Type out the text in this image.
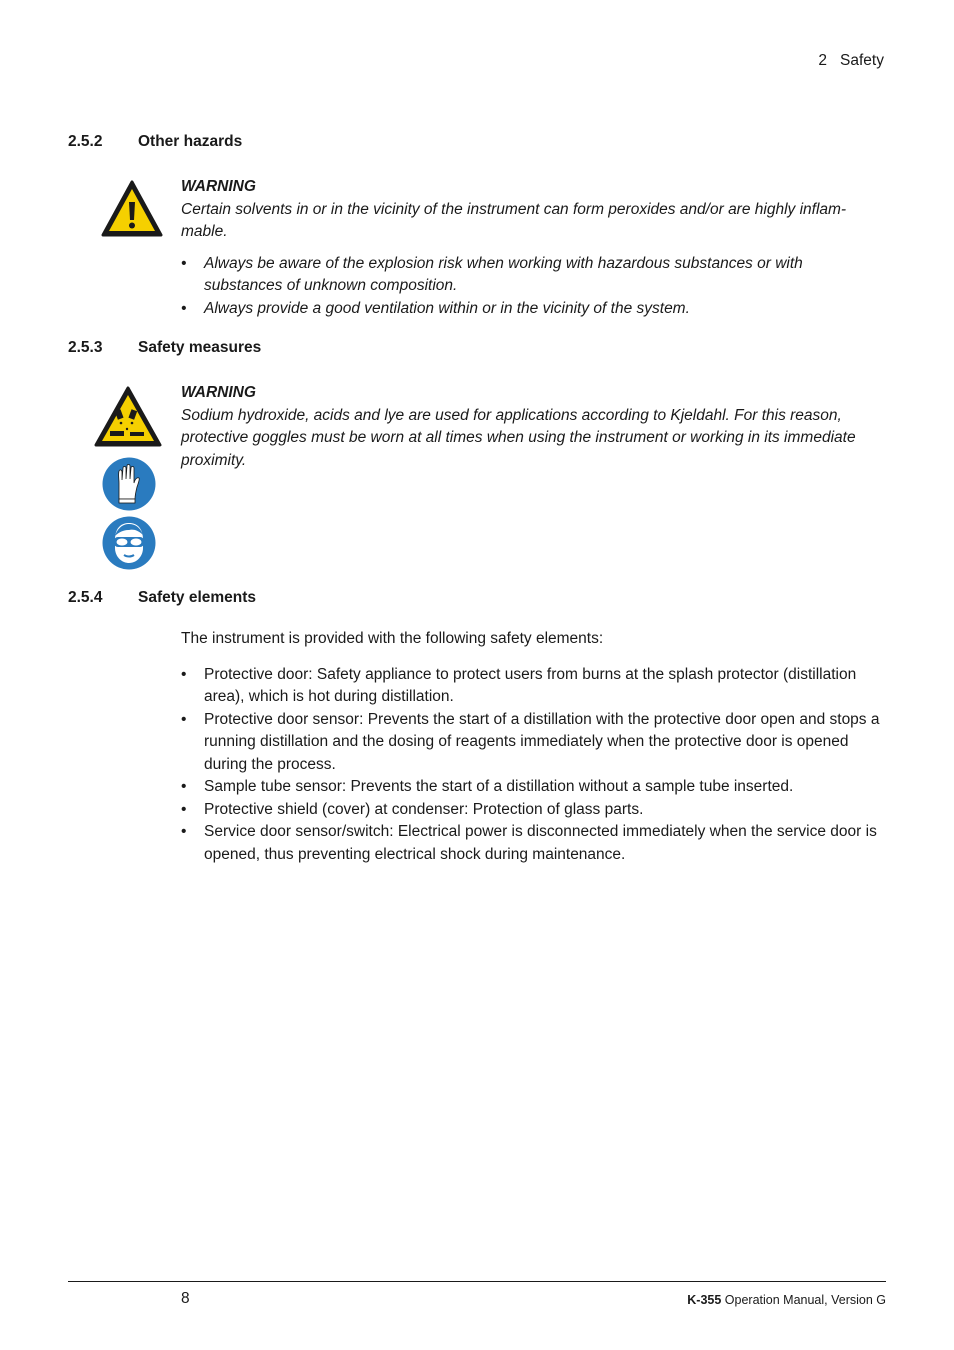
2 Safety
2.5.2 Other hazards
WARNING
Certain solvents in or in the vicinity of the instrument can form peroxides and/or are highly inflam-mable.
• Always be aware of the explosion risk when working with hazardous substances or with substances of unknown composition.
• Always provide a good ventilation within or in the vicinity of the system.
2.5.3 Safety measures
WARNING
Sodium hydroxide, acids and lye are used for applications according to Kjeldahl. For this reason, protective goggles must be worn at all times when using the instrument or working in its immediate proximity.
2.5.4 Safety elements
The instrument is provided with the following safety elements:
• Protective door: Safety appliance to protect users from burns at the splash protector (distillation area), which is hot during distillation.
• Protective door sensor: Prevents the start of a distillation with the protective door open and stops a running distillation and the dosing of reagents immediately when the protective door is opened during the process.
• Sample tube sensor: Prevents the start of a distillation without a sample tube inserted.
• Protective shield (cover) at condenser: Protection of glass parts.
• Service door sensor/switch: Electrical power is disconnected immediately when the service door is opened, thus preventing electrical shock during maintenance.
8	K-355 Operation Manual, Version G
